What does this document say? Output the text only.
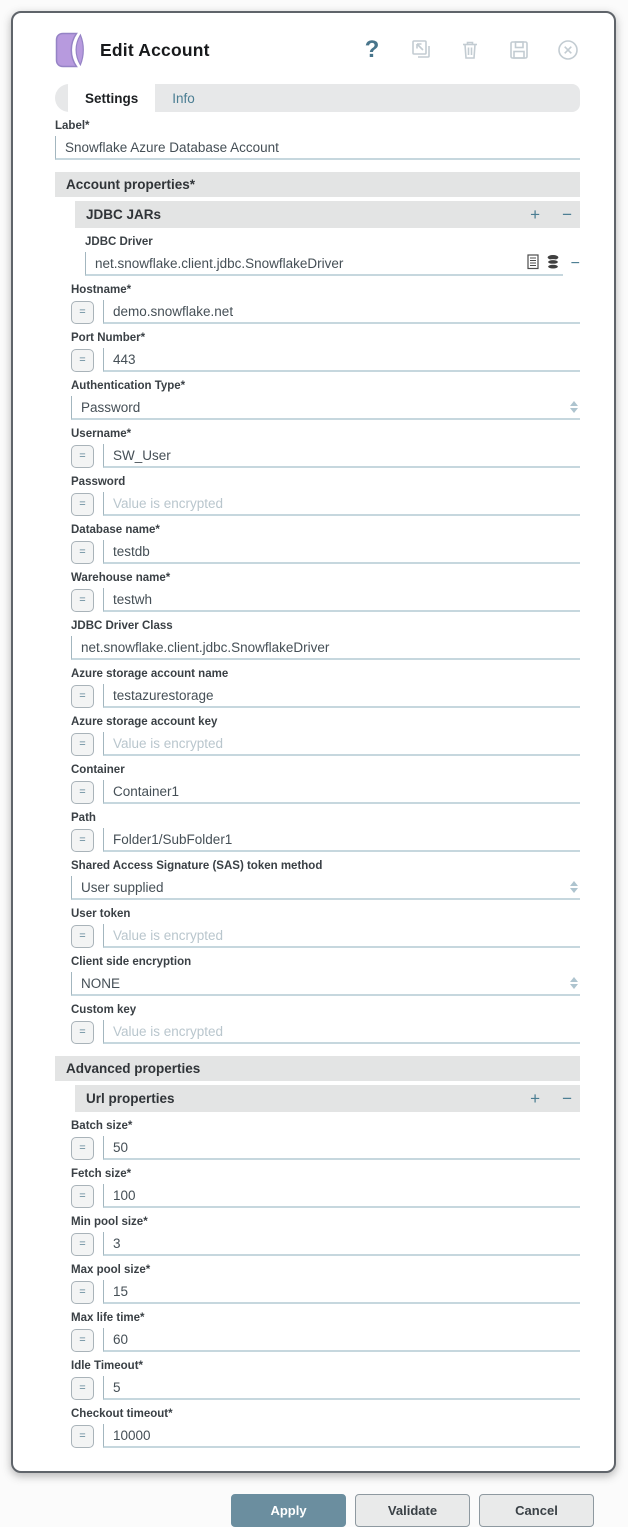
Edit Account	?
Settings	Info
Label*
Snowflake Azure Database Account
Account properties*
JDBC JARs	+ −
JDBC Driver
net.snowflake.client.jdbc.SnowflakeDriver	−
Hostname*
=	demo.snowflake.net
Port Number*
=	443
Authentication Type*
Password
Username*
=	SW_User
Password
=	Value is encrypted
Database name*
=	testdb
Warehouse name*
=	testwh
JDBC Driver Class
net.snowflake.client.jdbc.SnowflakeDriver
Azure storage account name
=	testazurestorage
Azure storage account key
=	Value is encrypted
Container
=	Container1
Path
=	Folder1/SubFolder1
Shared Access Signature (SAS) token method
User supplied
User token
=	Value is encrypted
Client side encryption
NONE
Custom key
=	Value is encrypted
Advanced properties
Url properties	+ −
Batch size*
=	50
Fetch size*
=	100
Min pool size*
=	3
Max pool size*
=	15
Max life time*
=	60
Idle Timeout*
=	5
Checkout timeout*
=	10000
Apply	Validate	Cancel
